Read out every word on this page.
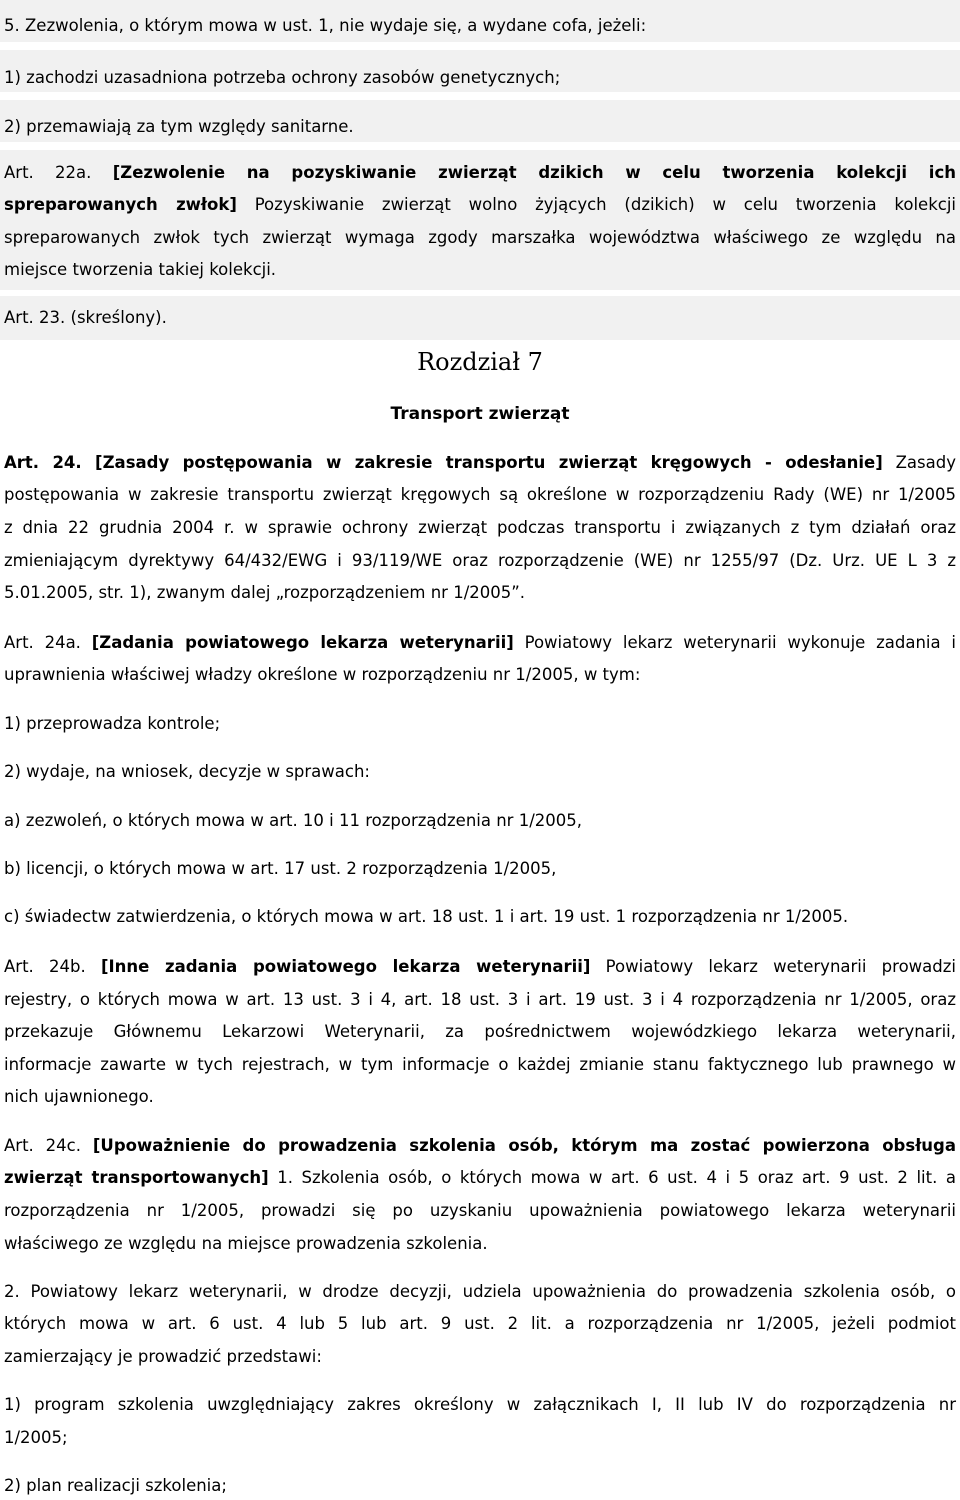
5. Zezwolenia, o którym mowa w ust. 1, nie wydaje się, a wydane cofa, jeżeli:
1) zachodzi uzasadniona potrzeba ochrony zasobów genetycznych;
2) przemawiają za tym względy sanitarne.
Art. 22a. [Zezwolenie na pozyskiwanie zwierząt dzikich w celu tworzenia kolekcji ich
spreparowanych zwłok] Pozyskiwanie zwierząt wolno żyjących (dzikich) w celu tworzenia kolekcji
spreparowanych zwłok tych zwierząt wymaga zgody marszałka województwa właściwego ze względu na
miejsce tworzenia takiej kolekcji.
Art. 23. (skreślony).
Rozdział 7
Transport zwierząt
Art. 24. [Zasady postępowania w zakresie transportu zwierząt kręgowych - odesłanie] Zasady
postępowania w zakresie transportu zwierząt kręgowych są określone w rozporządzeniu Rady (WE) nr 1/2005
z dnia 22 grudnia 2004 r. w sprawie ochrony zwierząt podczas transportu i związanych z tym działań oraz
zmieniającym dyrektywy 64/432/EWG i 93/119/WE oraz rozporządzenie (WE) nr 1255/97 (Dz. Urz. UE L 3 z
5.01.2005, str. 1), zwanym dalej „rozporządzeniem nr 1/2005”.
Art. 24a. [Zadania powiatowego lekarza weterynarii] Powiatowy lekarz weterynarii wykonuje zadania i
uprawnienia właściwej władzy określone w rozporządzeniu nr 1/2005, w tym:
1) przeprowadza kontrole;
2) wydaje, na wniosek, decyzje w sprawach:
a) zezwoleń, o których mowa w art. 10 i 11 rozporządzenia nr 1/2005,
b) licencji, o których mowa w art. 17 ust. 2 rozporządzenia 1/2005,
c) świadectw zatwierdzenia, o których mowa w art. 18 ust. 1 i art. 19 ust. 1 rozporządzenia nr 1/2005.
Art. 24b. [Inne zadania powiatowego lekarza weterynarii] Powiatowy lekarz weterynarii prowadzi
rejestry, o których mowa w art. 13 ust. 3 i 4, art. 18 ust. 3 i art. 19 ust. 3 i 4 rozporządzenia nr 1/2005, oraz
przekazuje Głównemu Lekarzowi Weterynarii, za pośrednictwem wojewódzkiego lekarza weterynarii,
informacje zawarte w tych rejestrach, w tym informacje o każdej zmianie stanu faktycznego lub prawnego w
nich ujawnionego.
Art. 24c. [Upoważnienie do prowadzenia szkolenia osób, którym ma zostać powierzona obsługa
zwierząt transportowanych] 1. Szkolenia osób, o których mowa w art. 6 ust. 4 i 5 oraz art. 9 ust. 2 lit. a
rozporządzenia nr 1/2005, prowadzi się po uzyskaniu upoważnienia powiatowego lekarza weterynarii
właściwego ze względu na miejsce prowadzenia szkolenia.
2. Powiatowy lekarz weterynarii, w drodze decyzji, udziela upoważnienia do prowadzenia szkolenia osób, o
których mowa w art. 6 ust. 4 lub 5 lub art. 9 ust. 2 lit. a rozporządzenia nr 1/2005, jeżeli podmiot
zamierzający je prowadzić przedstawi:
1) program szkolenia uwzględniający zakres określony w załącznikach I, II lub IV do rozporządzenia nr
1/2005;
2) plan realizacji szkolenia;
